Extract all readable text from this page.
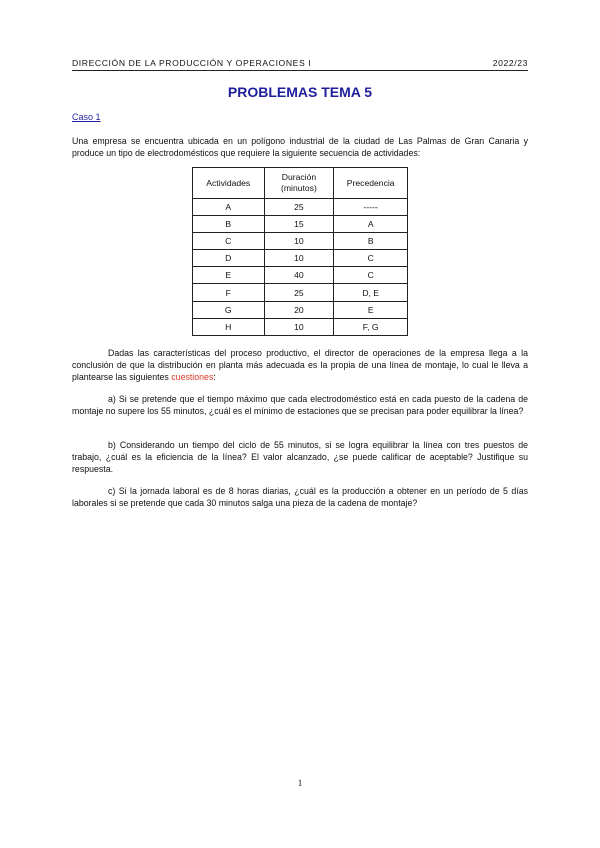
DIRECCIÓN DE LA PRODUCCIÓN Y OPERACIONES I	2022/23
PROBLEMAS TEMA 5
Caso 1
Una empresa se encuentra ubicada en un polígono industrial de la ciudad de Las Palmas de Gran Canaria y produce un tipo de electrodomésticos que requiere la siguiente secuencia de actividades:
Actividades	Duración (minutos)	Precedencia
A	25	-----
B	15	A
C	10	B
D	10	C
E	40	C
F	25	D, E
G	20	E
H	10	F, G
Dadas las características del proceso productivo, el director de operaciones de la empresa llega a la conclusión de que la distribución en planta más adecuada es la propia de una línea de montaje, lo cual le lleva a plantearse las siguientes cuestiones:
a) Si se pretende que el tiempo máximo que cada electrodoméstico está en cada puesto de la cadena de montaje no supere los 55 minutos, ¿cuál es el mínimo de estaciones que se precisan para poder equilibrar la línea?
b) Considerando un tiempo del ciclo de 55 minutos, si se logra equilibrar la línea con tres puestos de trabajo, ¿cuál es la eficiencia de la línea? El valor alcanzado, ¿se puede calificar de aceptable? Justifique su respuesta.
c) Si la jornada laboral es de 8 horas diarias, ¿cuál es la producción a obtener en un período de 5 días laborales si se pretende que cada 30 minutos salga una pieza de la cadena de montaje?
1
